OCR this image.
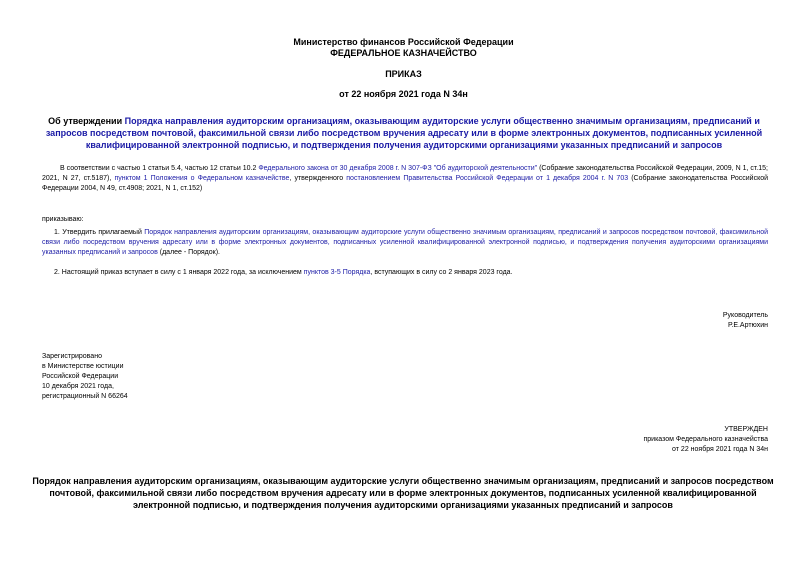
Министерство финансов Российской Федерации
ФЕДЕРАЛЬНОЕ КАЗНАЧЕЙСТВО
ПРИКАЗ
от 22 ноября 2021 года N 34н
Об утверждении Порядка направления аудиторским организациям, оказывающим аудиторские услуги общественно значимым организациям, предписаний и запросов посредством почтовой, факсимильной связи либо посредством вручения адресату или в форме электронных документов, подписанных усиленной квалифицированной электронной подписью, и подтверждения получения аудиторскими организациями указанных предписаний и запросов
В соответствии с частью 1 статьи 5.4, частью 12 статьи 10.2 Федерального закона от 30 декабря 2008 г. N 307-ФЗ "Об аудиторской деятельности" (Собрание законодательства Российской Федерации, 2009, N 1, ст.15; 2021, N 27, ст.5187), пунктом 1 Положения о Федеральном казначействе, утвержденного постановлением Правительства Российской Федерации от 1 декабря 2004 г. N 703 (Собрание законодательства Российской Федерации 2004, N 49, ст.4908; 2021, N 1, ст.152)
приказываю:
1. Утвердить прилагаемый Порядок направления аудиторским организациям, оказывающим аудиторские услуги общественно значимым организациям, предписаний и запросов посредством почтовой, факсимильной связи либо посредством вручения адресату или в форме электронных документов, подписанных усиленной квалифицированной электронной подписью, и подтверждения получения аудиторскими организациями указанных предписаний и запросов (далее - Порядок).
2. Настоящий приказ вступает в силу с 1 января 2022 года, за исключением пунктов 3-5 Порядка, вступающих в силу со 2 января 2023 года.
Руководитель
Р.Е.Артюхин
Зарегистрировано
в Министерстве юстиции
Российской Федерации
10 декабря 2021 года,
регистрационный N 66264
УТВЕРЖДЕН
приказом Федерального казначейства
от 22 ноября 2021 года N 34н
Порядок направления аудиторским организациям, оказывающим аудиторские услуги общественно значимым организациям, предписаний и запросов посредством почтовой, факсимильной связи либо посредством вручения адресату или в форме электронных документов, подписанных усиленной квалифицированной электронной подписью, и подтверждения получения аудиторскими организациями указанных предписаний и запросов
